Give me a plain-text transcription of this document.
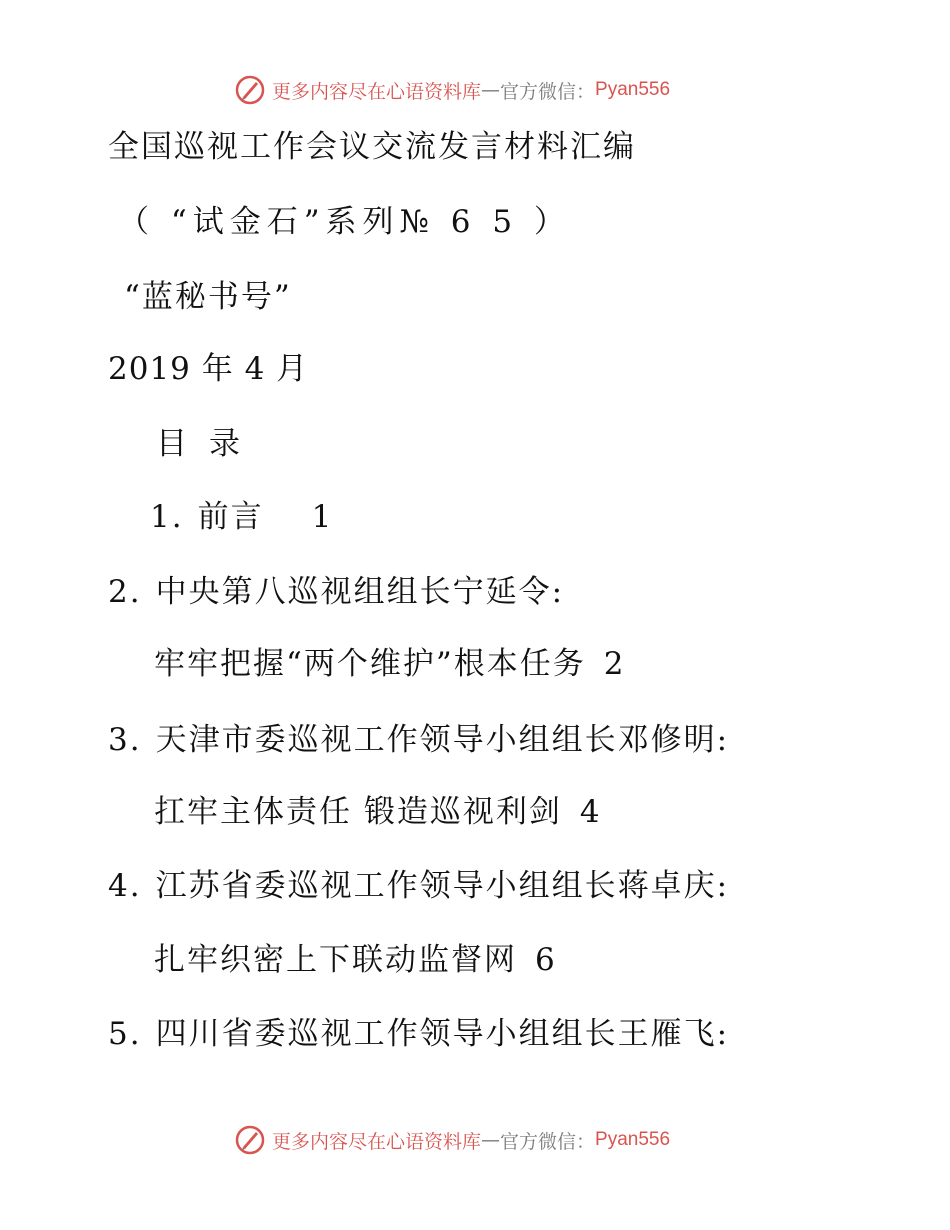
更多内容尽在心语资料库 — 官方微信： Pyan556
全国巡视工作会议交流发言材料汇编
（ “试金石”系列№ 6 5 ）
“蓝秘书号”
2019 年 4 月
目录
1. 前言 1
2. 中央第八巡视组组长宁延令:
牢牢把握“两个维护”根本任务 2
3. 天津市委巡视工作领导小组组长邓修明:
扛牢主体责任 锻造巡视利剑 4
4. 江苏省委巡视工作领导小组组长蒋卓庆:
扎牢织密上下联动监督网 6
5. 四川省委巡视工作领导小组组长王雁飞:
更多内容尽在心语资料库 — 官方微信： Pyan556
